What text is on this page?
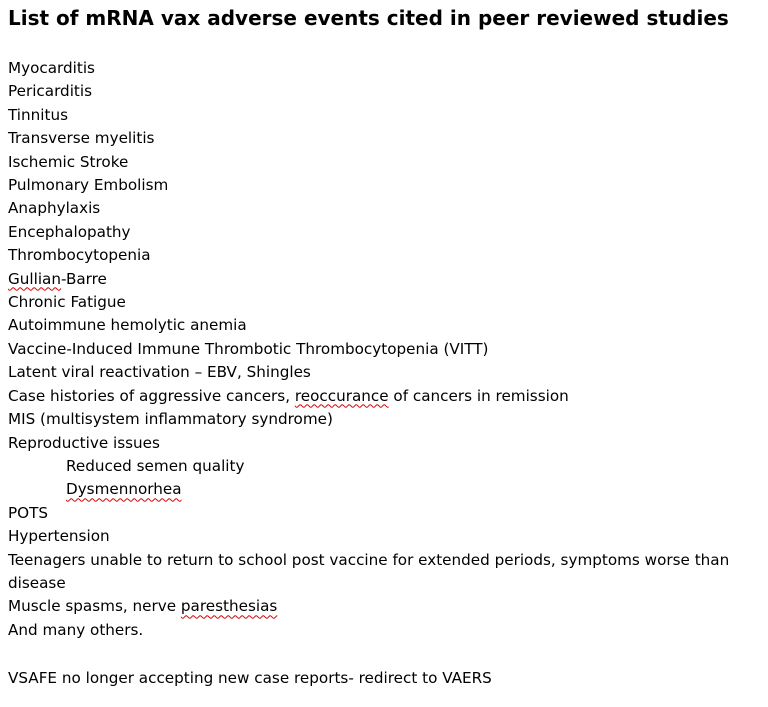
List of mRNA vax adverse events cited in peer reviewed studies
Myocarditis
Pericarditis
Tinnitus
Transverse myelitis
Ischemic Stroke
Pulmonary Embolism
Anaphylaxis
Encephalopathy
Thrombocytopenia
Gullian-Barre
Chronic Fatigue
Autoimmune hemolytic anemia
Vaccine-Induced Immune Thrombotic Thrombocytopenia (VITT)
Latent viral reactivation – EBV, Shingles
Case histories of aggressive cancers, reoccurance of cancers in remission
MIS (multisystem inflammatory syndrome)
Reproductive issues
Reduced semen quality
Dysmennorhea
POTS
Hypertension
Teenagers unable to return to school post vaccine for extended periods, symptoms worse than disease
Muscle spasms, nerve paresthesias
And many others.
VSAFE no longer accepting new case reports- redirect to VAERS
